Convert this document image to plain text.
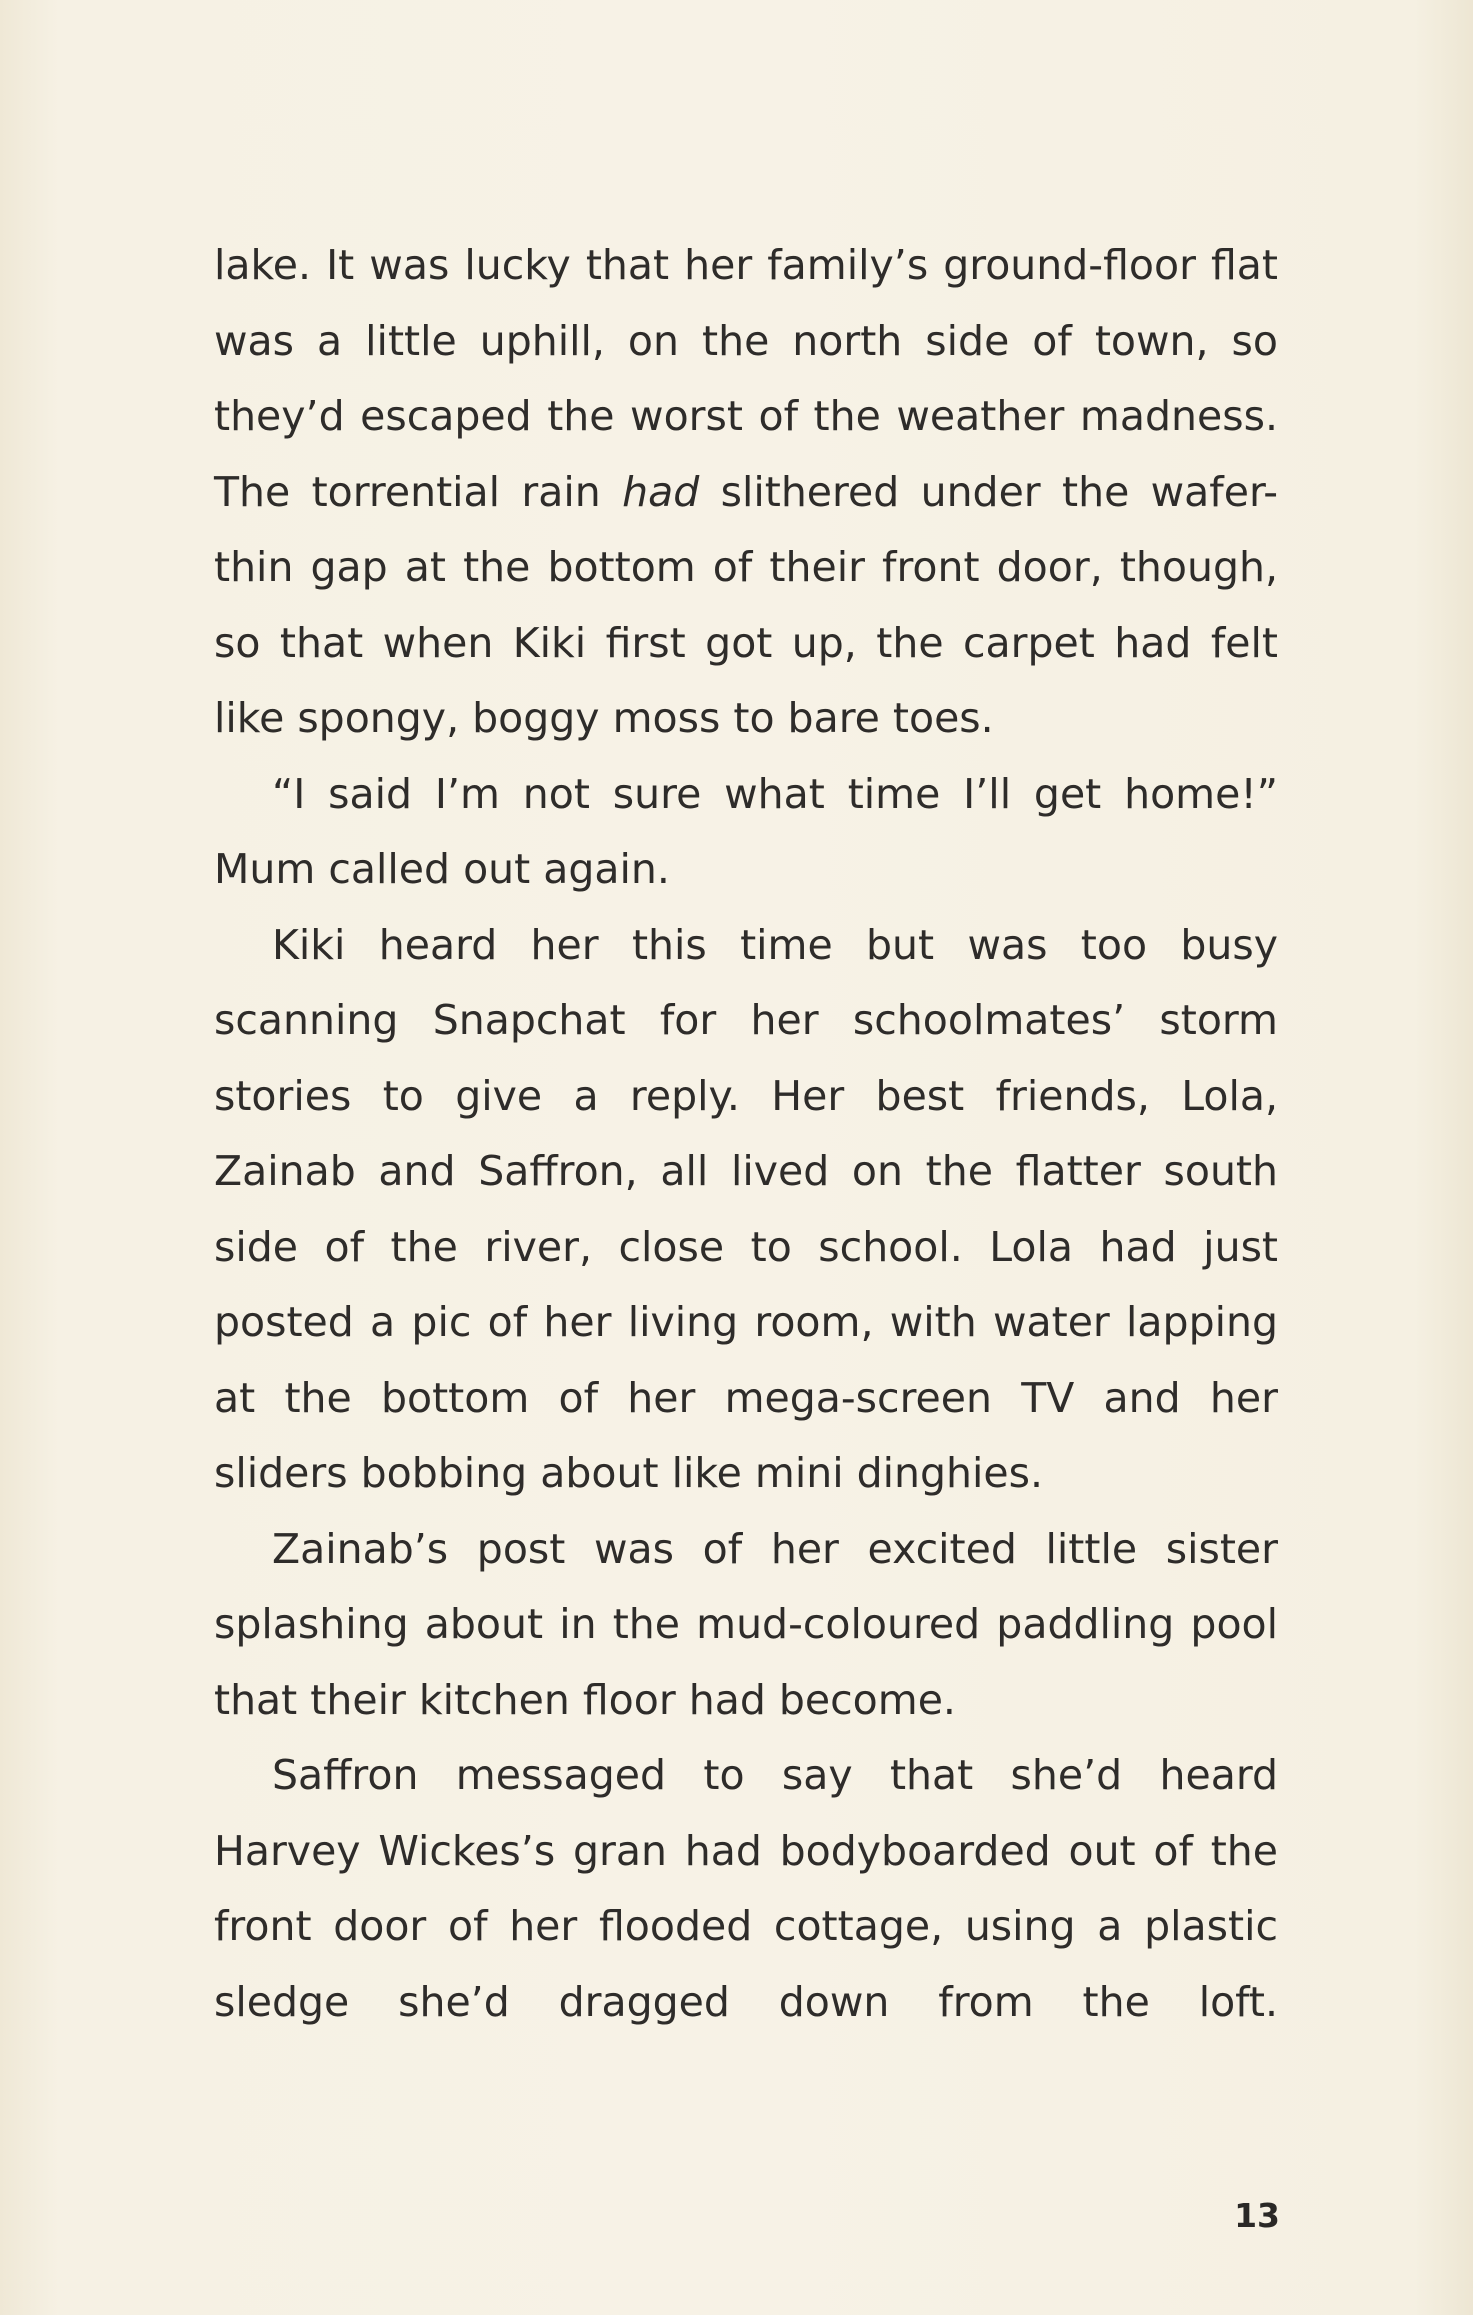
lake. It was lucky that her family’s ground-floor flat was a little uphill, on the north side of town, so they’d escaped the worst of the weather madness. The torrential rain had slithered under the wafer-thin gap at the bottom of their front door, though, so that when Kiki first got up, the carpet had felt like spongy, boggy moss to bare toes.

“I said I’m not sure what time I’ll get home!” Mum called out again.

Kiki heard her this time but was too busy scanning Snapchat for her schoolmates’ storm stories to give a reply. Her best friends, Lola, Zainab and Saffron, all lived on the flatter south side of the river, close to school. Lola had just posted a pic of her living room, with water lapping at the bottom of her mega-screen TV and her sliders bobbing about like mini dinghies.

Zainab’s post was of her excited little sister splashing about in the mud-coloured paddling pool that their kitchen floor had become.

Saffron messaged to say that she’d heard Harvey Wickes’s gran had bodyboarded out of the front door of her flooded cottage, using a plastic sledge she’d dragged down from the loft.

13
